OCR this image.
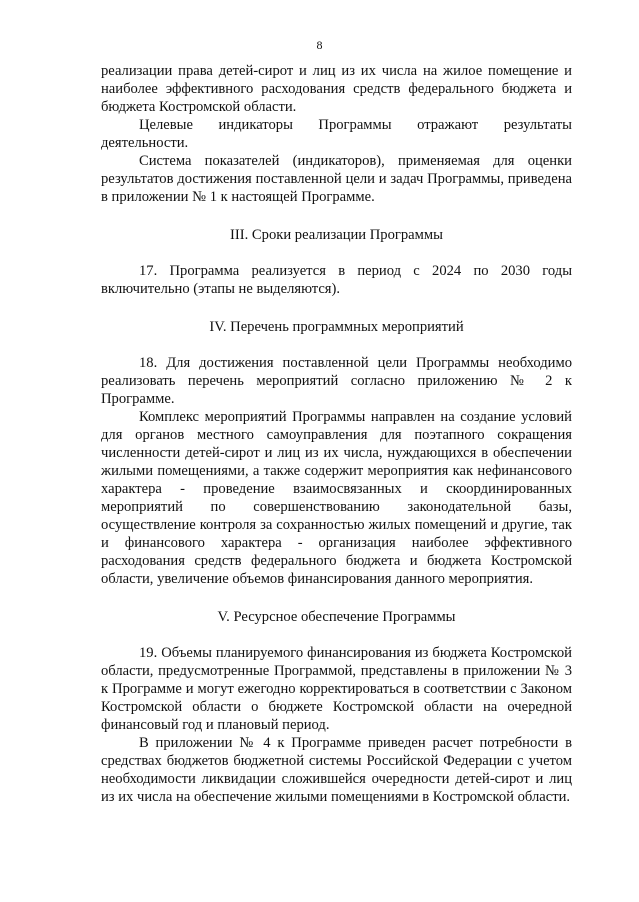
8

реализации права детей-сирот и лиц из их числа на жилое помещение и наиболее эффективного расходования средств федерального бюджета и бюджета Костромской области.

Целевые индикаторы Программы отражают результаты деятельности.

Система показателей (индикаторов), применяемая для оценки результатов достижения поставленной цели и задач Программы, приведена в приложении № 1 к настоящей Программе.

III. Сроки реализации Программы

17. Программа реализуется в период с 2024 по 2030 годы включительно (этапы не выделяются).

IV. Перечень программных мероприятий

18. Для достижения поставленной цели Программы необходимо реализовать перечень мероприятий согласно приложению № 2 к Программе.

Комплекс мероприятий Программы направлен на создание условий для органов местного самоуправления для поэтапного сокращения численности детей-сирот и лиц из их числа, нуждающихся в обеспечении жилыми помещениями, а также содержит мероприятия как нефинансового характера - проведение взаимосвязанных и скоординированных мероприятий по совершенствованию законодательной базы, осуществление контроля за сохранностью жилых помещений и другие, так и финансового характера - организация наиболее эффективного расходования средств федерального бюджета и бюджета Костромской области, увеличение объемов финансирования данного мероприятия.

V. Ресурсное обеспечение Программы

19. Объемы планируемого финансирования из бюджета Костромской области, предусмотренные Программой, представлены в приложении № 3 к Программе и могут ежегодно корректироваться в соответствии с Законом Костромской области о бюджете Костромской области на очередной финансовый год и плановый период.

В приложении № 4 к Программе приведен расчет потребности в средствах бюджетов бюджетной системы Российской Федерации с учетом необходимости ликвидации сложившейся очередности детей-сирот и лиц из их числа на обеспечение жилыми помещениями в Костромской области.
